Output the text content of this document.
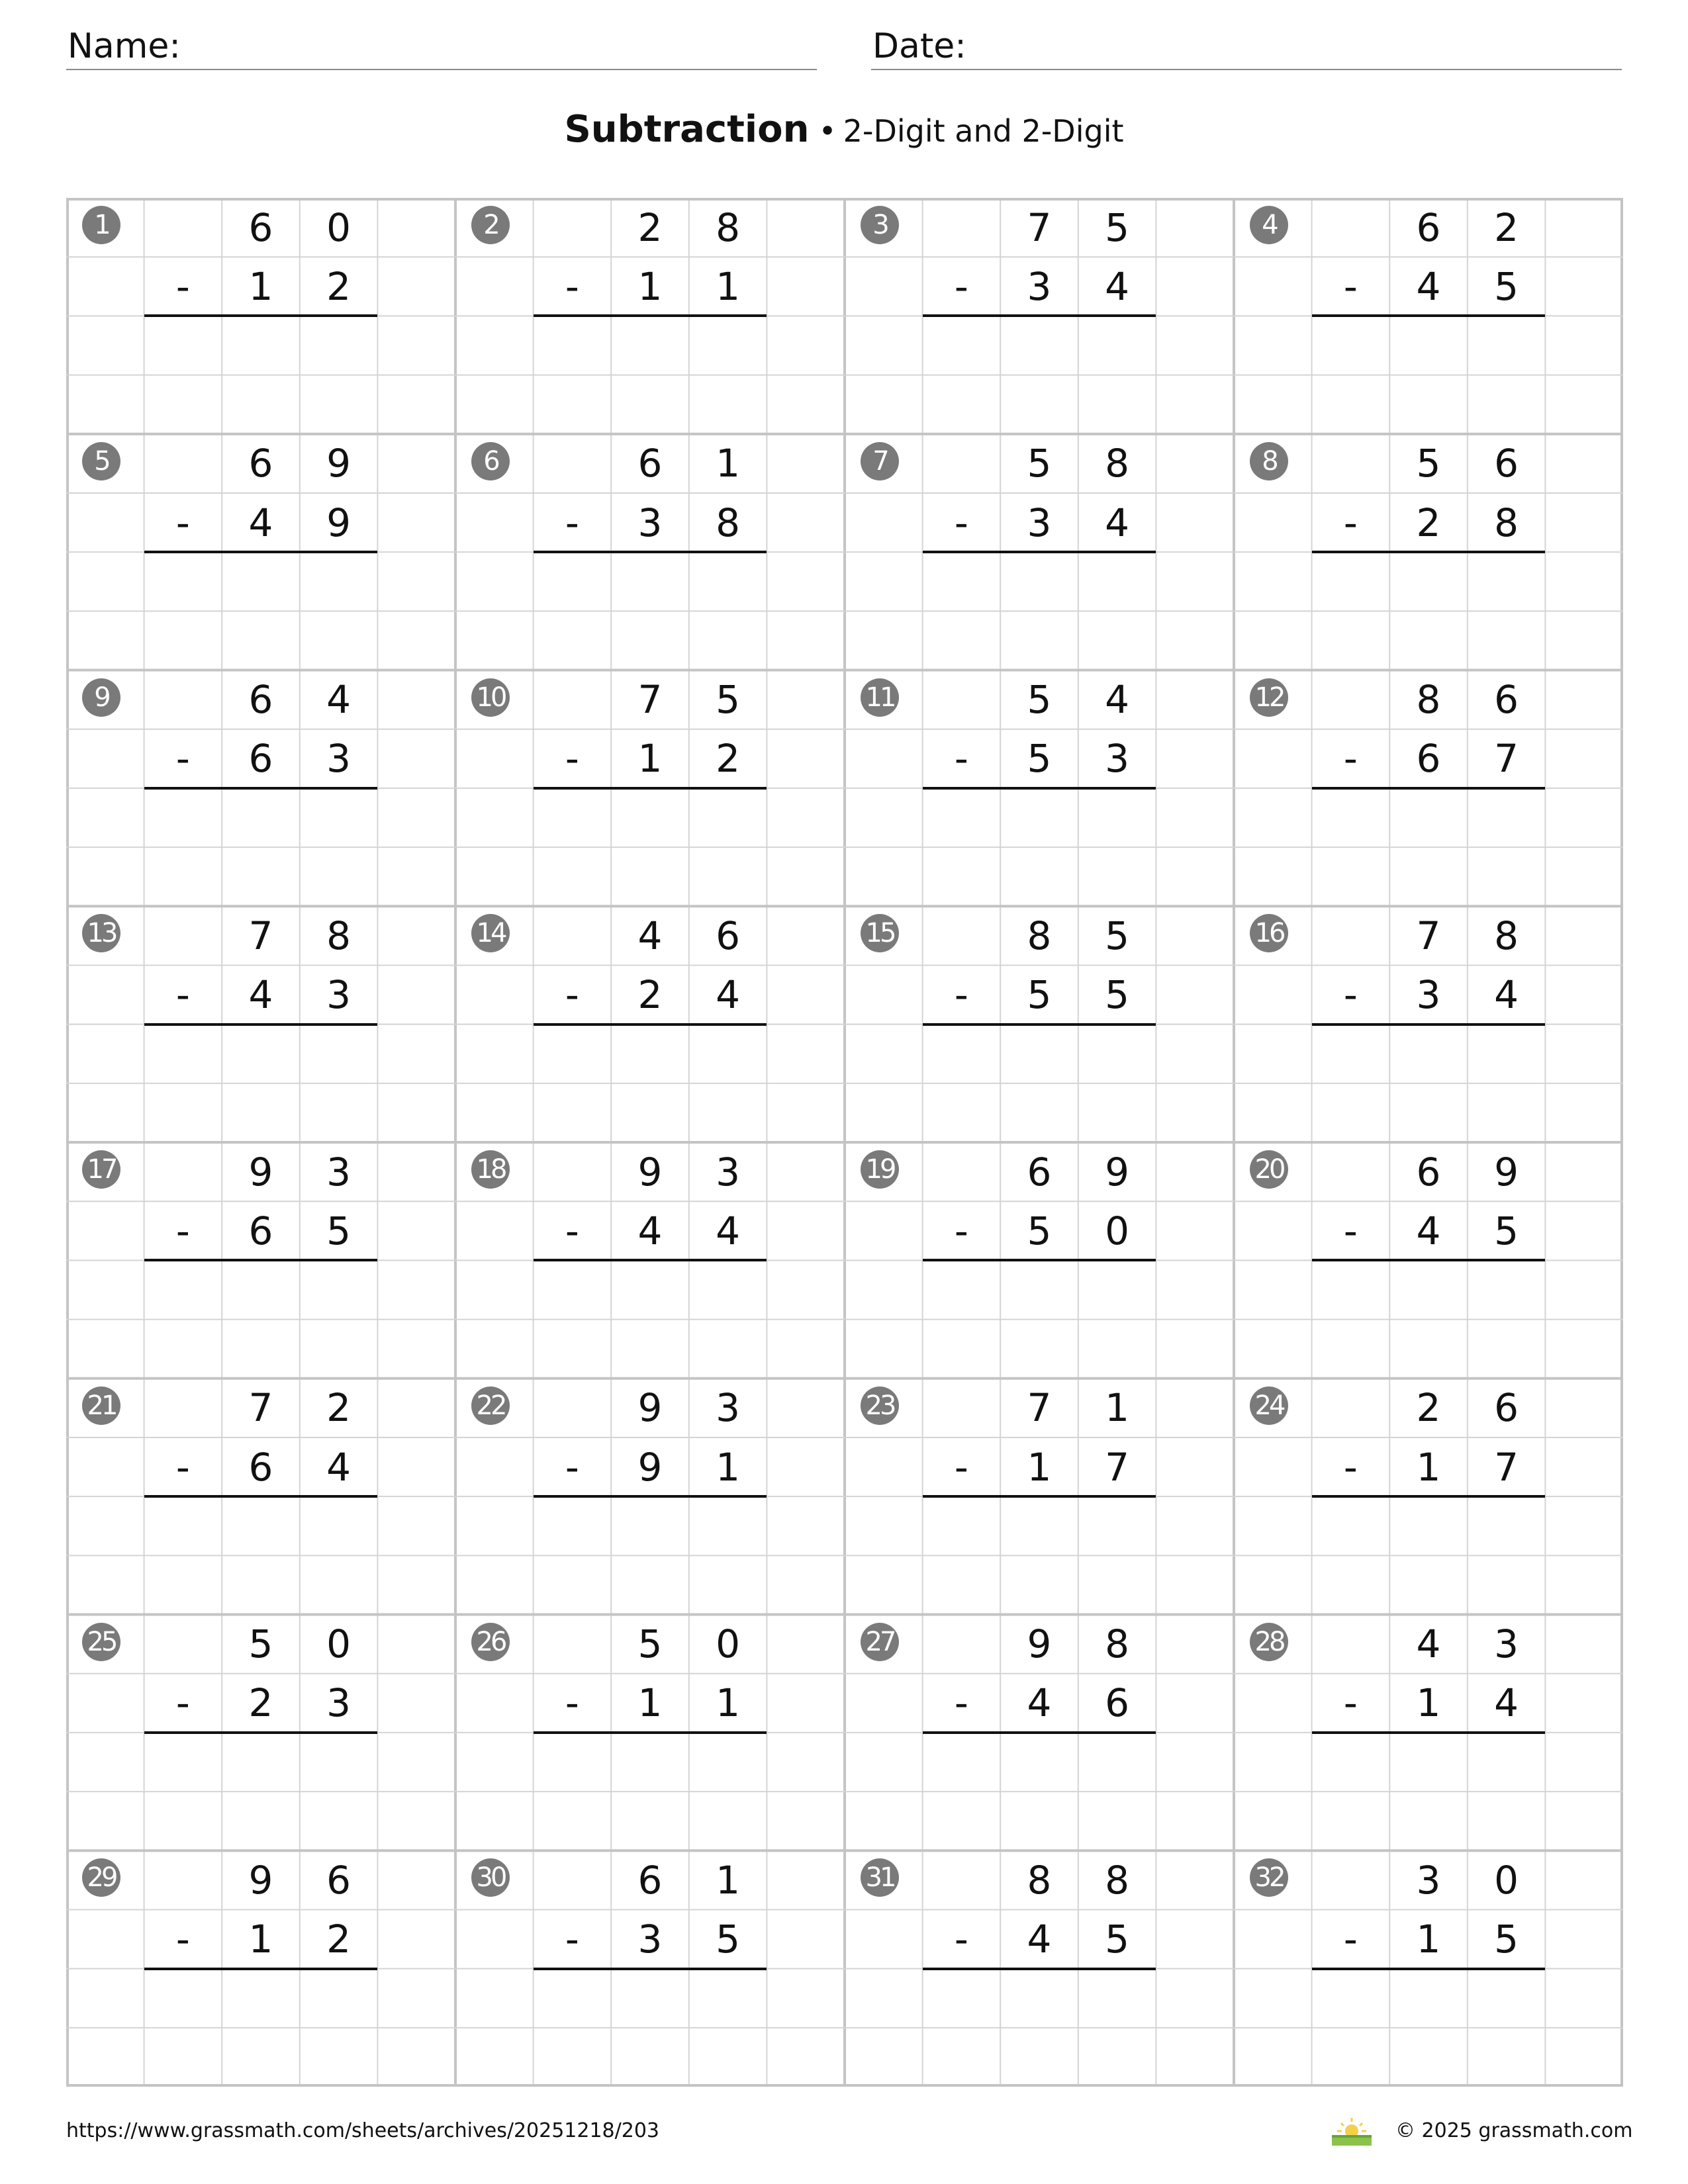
Name:	Date:
Subtraction • 2-Digit and 2-Digit
1	6	0
-	1	2
2	2	8
-	1	1
3	7	5
-	3	4
4	6	2
-	4	5
5	6	9
-	4	9
6	6	1
-	3	8
7	5	8
-	3	4
8	5	6
-	2	8
9	6	4
-	6	3
10	7	5
-	1	2
11	5	4
-	5	3
12	8	6
-	6	7
13	7	8
-	4	3
14	4	6
-	2	4
15	8	5
-	5	5
16	7	8
-	3	4
17	9	3
-	6	5
18	9	3
-	4	4
19	6	9
-	5	0
20	6	9
-	4	5
21	7	2
-	6	4
22	9	3
-	9	1
23	7	1
-	1	7
24	2	6
-	1	7
25	5	0
-	2	3
26	5	0
-	1	1
27	9	8
-	4	6
28	4	3
-	1	4
29	9	6
-	1	2
30	6	1
-	3	5
31	8	8
-	4	5
32	3	0
-	1	5
https://www.grassmath.com/sheets/archives/20251218/203	© 2025 grassmath.com
